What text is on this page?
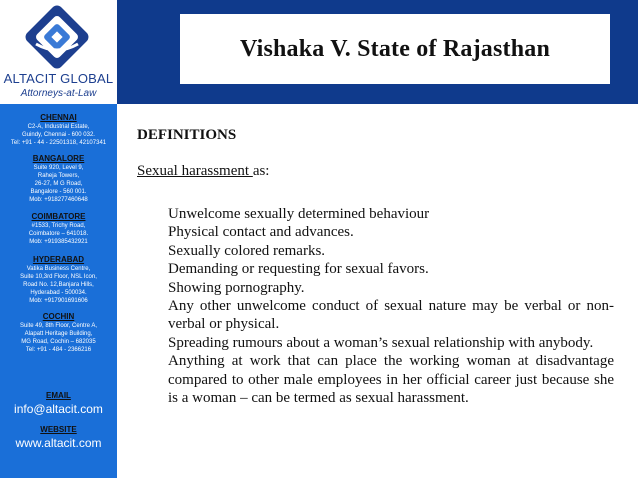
Vishaka V. State of Rajasthan
ALTACIT GLOBAL
Attorneys-at-Law
CHENNAI
C2-A, Industrial Estate,
Guindy, Chennai - 600 032.
Tel: +91 - 44 - 22501318, 42107341
BANGALORE
Suite 920, Level 9,
Raheja Towers,
26-27, M G Road,
Bangalore - 560 001.
Mob: +918277460648
COIMBATORE
#1533, Trichy Road,
Coimbatore – 641018.
Mob: +919385432921
HYDERABAD
Vatika Business Centre,
Suite 10,3rd Floor, NSL Icon,
Road No. 12,Banjara Hills,
Hyderabad - 500034.
Mob: +917901691606
COCHIN
Suite 49, 8th Floor, Centre A,
Alapatt Heritage Building,
MG Road, Cochin – 682035
Tel: +91 - 484 - 2366216
EMAIL
info@altacit.com
WEBSITE
www.altacit.com

DEFINITIONS

Sexual harassment as:
Unwelcome sexually determined behaviour
Physical contact and advances.
Sexually colored remarks.
Demanding or requesting for sexual favors.
Showing pornography.
Any other unwelcome conduct of sexual nature may be verbal or non-verbal or physical.
Spreading rumours about a woman’s sexual relationship with anybody.
Anything at work that can place the working woman at disadvantage compared to other male employees in her official career just because she is a woman – can be termed as sexual harassment.
